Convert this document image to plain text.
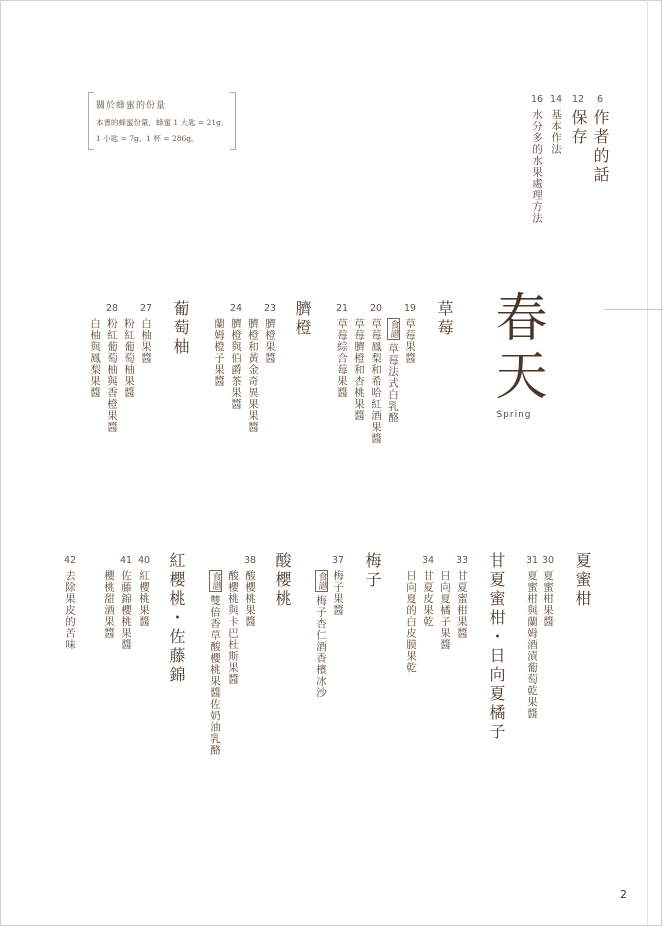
關於蜂蜜的份量
本書的蜂蜜份量，蜂蜜 1 大匙 = 21g、
1 小匙 = 7g、1 杯 = 286g。
6
作者的話
12
保存
14
基本作法
16
水分多的水果處理方法
春天
Spring
草莓
19
草莓果醬
食譜
草莓法式白乳酪
20
草莓鳳梨和希哈紅酒果醬
草莓臍橙和杏桃果醬
21
草莓綜合莓果醬
臍橙
23
臍橙果醬
臍橙和黃金奇異果果醬
24
臍橙與伯爵茶果醬
蘭姆橙子果醬
葡萄柚
27
白柚果醬
粉紅葡萄柚果醬
28
粉紅葡萄柚與香橙果醬
白柚與鳳梨果醬
夏蜜柑
30
夏蜜柑果醬
31
夏蜜柑與蘭姆酒漬葡萄乾果醬
甘夏蜜柑・日向夏橘子
33
甘夏蜜柑果醬
日向夏橘子果醬
34
甘夏皮果乾
日向夏的白皮膜果乾
梅子
37
梅子果醬
食譜
梅子杏仁酒香檳冰沙
酸櫻桃
38
酸櫻桃果醬
酸櫻桃與卡巴杜斯果醬
食譜
雙倍香草酸櫻桃果醬佐奶油乳酪
紅櫻桃・佐藤錦
40
紅櫻桃果醬
41
佐藤錦櫻桃果醬
櫻桃甜酒果醬
42
去除果皮的苦味
2
